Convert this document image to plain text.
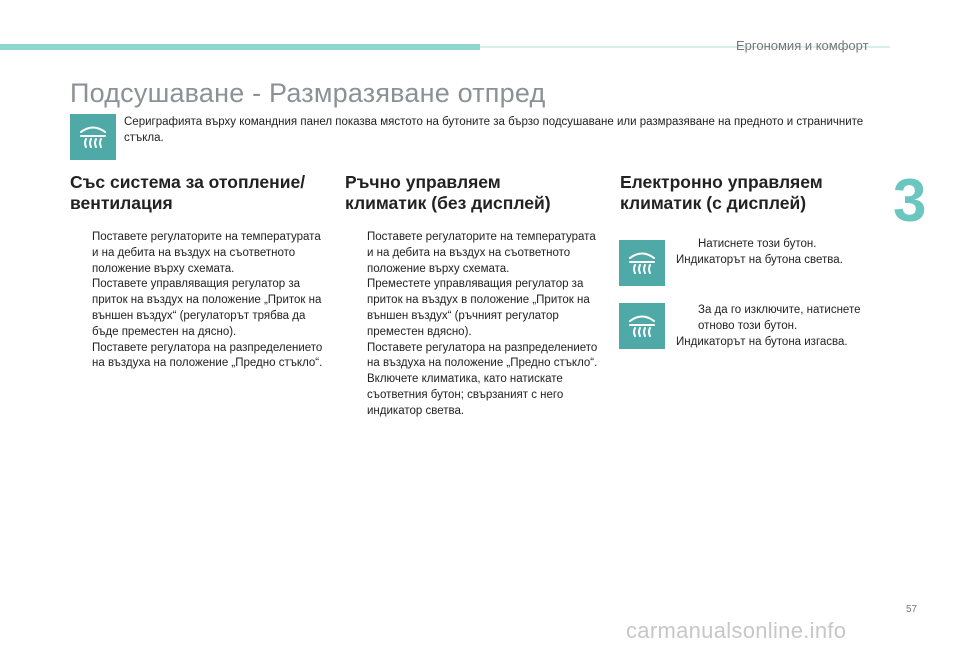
Ергономия и комфорт
Подсушаване - Размразяване отпред
Сериграфията върху командния панел показва мястото на бутоните за бързо подсушаване или размразяване на предното и страничните стъкла.
Със система за отопление/вентилация
Поставете регулаторите на температурата и на дебита на въздух на съответното положение върху схемата.
Поставете управляващия регулатор за приток на въздух на положение „Приток на външен въздух“ (регулаторът трябва да бъде преместен на дясно).
Поставете регулатора на разпределението на въздуха на положение „Предно стъкло“.
Ръчно управляем климатик (без дисплей)
Поставете регулаторите на температурата и на дебита на въздух на съответното положение върху схемата.
Преместете управляващия регулатор за приток на въздух в положение „Приток на външен въздух“ (ръчният регулатор преместен вдясно).
Поставете регулатора на разпределението на въздуха на положение „Предно стъкло“.
Включете климатика, като натискате съответния бутон; свързаният с него индикатор светва.
Електронно управляем климатик (с дисплей)
Натиснете този бутон.
Индикаторът на бутона светва.
За да го изключите, натиснете отново този бутон.
Индикаторът на бутона изгасва.
3
57
carmanualsonline.info
